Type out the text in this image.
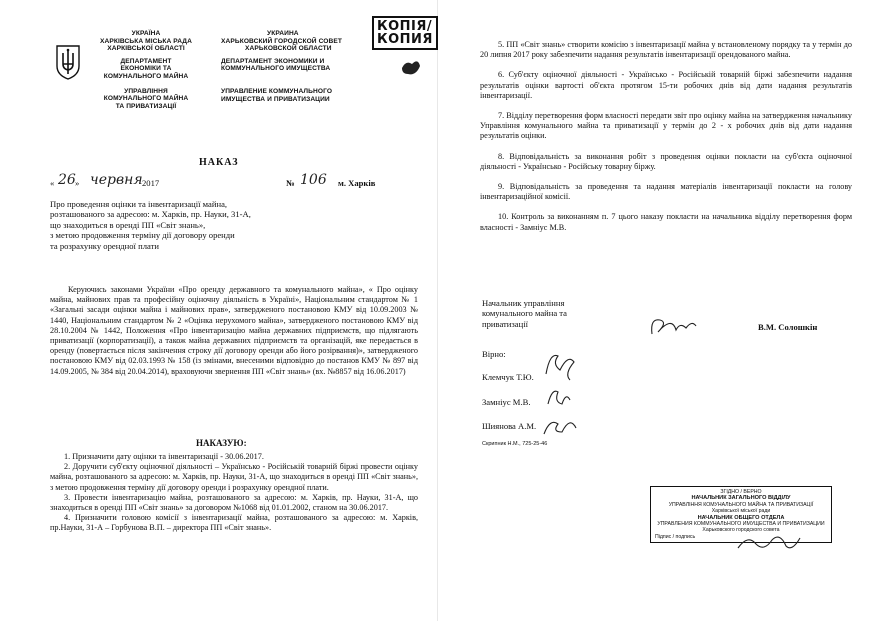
УКРАЇНА
ХАРКІВСЬКА МІСЬКА РАДА
ХАРКІВСЬКОЇ ОБЛАСТІ
ДЕПАРТАМЕНТ
ЕКОНОМІКИ ТА
КОМУНАЛЬНОГО МАЙНА
УПРАВЛІННЯ
КОМУНАЛЬНОГО МАЙНА
ТА ПРИВАТИЗАЦІЇ
УКРАИНА
ХАРЬКОВСКИЙ ГОРОДСКОЙ СОВЕТ
ХАРЬКОВСКОЙ ОБЛАСТИ
ДЕПАРТАМЕНТ ЭКОНОМИКИ И
КОММУНАЛЬНОГО ИМУЩЕСТВА
УПРАВЛЕНИЕ КОММУНАЛЬНОГО
ИМУЩЕСТВА И ПРИВАТИЗАЦИИ
НАКАЗ
« 26 » червня 2017	№ 106 м. Харків
Про проведення оцінки та інвентаризації майна,
розташованого за адресою: м. Харків, пр. Науки, 31-А,
що знаходиться в оренді ПП «Світ знань»,
з метою продовження терміну дії договору оренди
та розрахунку орендної плати
Керуючись законами України «Про оренду державного та комунального майна», « Про оцінку майна, майнових прав та професійну оціночну діяльність в Україні», Національним стандартом № 1 «Загальні засади оцінки майна і майнових прав», затвердженого постановою КМУ від 10.09.2003 № 1440, Національним стандартом № 2 «Оцінка нерухомого майна», затвердженого постановою КМУ від 28.10.2004 № 1442, Положення «Про інвентаризацію майна державних підприємств, що підлягають приватизації (корпоратизації), а також майна державних підприємств та організацій, яке передається в оренду (повертається після закінчення строку дії договору оренди або його розірвання)», затвердженого постановою КМУ від 02.03.1993 № 158 (із змінами, внесеними відповідно до постанов КМУ № 897 від 14.09.2005, № 384 від 20.04.2014), враховуючи звернення ПП «Світ знань» (вх. №8857 від 16.06.2017)
НАКАЗУЮ:
1. Призначити дату оцінки та інвентаризації - 30.06.2017.
2. Доручити суб'єкту оціночної діяльності – Українсько - Російській товарній біржі провести оцінку майна, розташованого за адресою: м. Харків, пр. Науки, 31-А, що знаходиться в оренді ПП «Світ знань», з метою продовження терміну дії договору оренди і розрахунку орендної плати.
3. Провести інвентаризацію майна, розташованого за адресою: м. Харків, пр. Науки, 31-А, що знаходиться в оренді ПП «Світ знань» за договором №1068 від 01.01.2002, станом на 30.06.2017.
4. Призначити головою комісії з інвентаризації майна, розташованого за адресою: м. Харків, пр.Науки, 31-А – Горбунова В.П. – директора ПП «Світ знань».
КОПІЯ/
КОПИЯ	5. ПП «Світ знань» створити комісію з інвентаризації майна у встановленому порядку та у термін до 20 липня 2017 року забезпечити надання результатів інвентаризації орендованого майна.
6. Суб'єкту оціночної діяльності - Українсько - Російській товарній біржі забезпечити надання результатів оцінки вартості об'єкта протягом 15-ти робочих днів від дати надання результатів інвентаризації.
7. Відділу перетворення форм власності передати звіт про оцінку майна на затвердження начальнику Управління комунального майна та приватизації у термін до 2 - х робочих днів від дати надання результатів оцінки.
8. Відповідальність за виконання робіт з проведення оцінки покласти на суб'єкта оціночної діяльності - Українсько - Російську товарну біржу.
9. Відповідальність за проведення та надання матеріалів інвентаризації покласти на голову інвентаризаційної комісії.
10. Контроль за виконанням п. 7 цього наказу покласти на начальника відділу перетворення форм власності - Замніус М.В.
Начальник управління
комунального майна та
приватизації	В.М. Солошкін
Вірно:
Клемчук Т.Ю.
Замніус М.В.
Шиянова А.М.
Скрипник Н.М., 725-25-46
ЗГІДНО / ВЕРНО
НАЧАЛЬНИК ЗАГАЛЬНОГО ВІДДІЛУ
УПРАВЛІННЯ КОМУНАЛЬНОГО МАЙНА ТА ПРИВАТИЗАЦІЇ
Харківської міської ради
НАЧАЛЬНИК ОБЩЕГО ОТДЕЛА
УПРАВЛЕНИЯ КОММУНАЛЬНОГО ИМУЩЕСТВА И ПРИВАТИЗАЦИИ
Харьковского городского совета
Підпис / подпись
